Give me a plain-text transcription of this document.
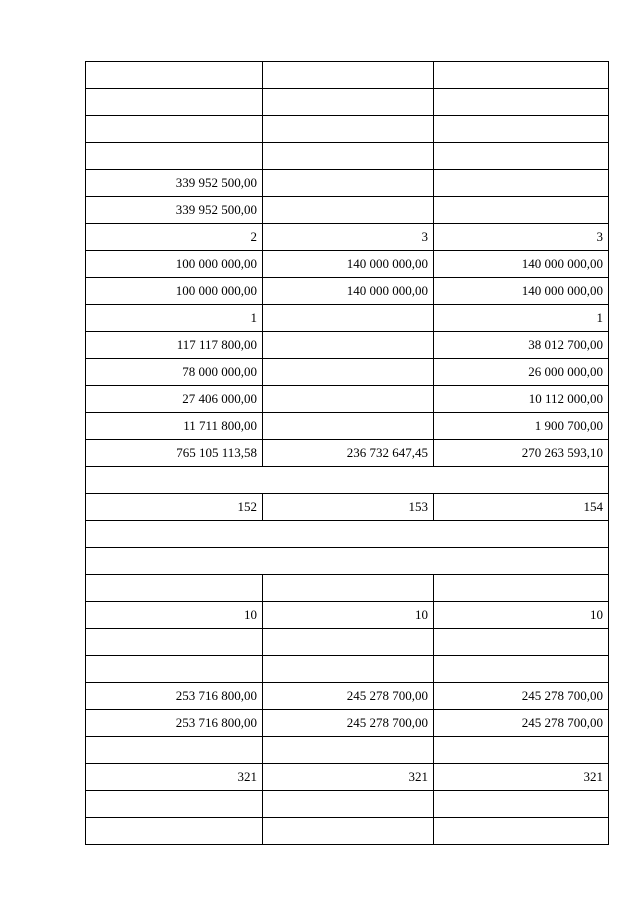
339 952 500,00		
339 952 500,00		
2	3	3
100 000 000,00	140 000 000,00	140 000 000,00
100 000 000,00	140 000 000,00	140 000 000,00
1		1
117 117 800,00		38 012 700,00
78 000 000,00		26 000 000,00
27 406 000,00		10 112 000,00
11 711 800,00		1 900 700,00
765 105 113,58	236 732 647,45	270 263 593,10

152	153	154

10	10	10

253 716 800,00	245 278 700,00	245 278 700,00
253 716 800,00	245 278 700,00	245 278 700,00

321	321	321
